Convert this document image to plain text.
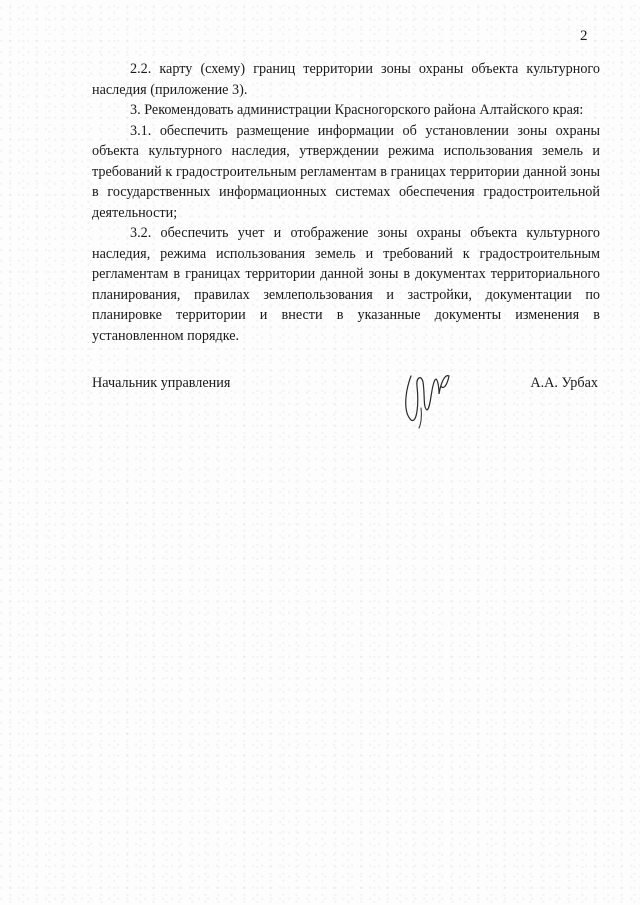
2

2.2. карту (схему) границ территории зоны охраны объекта культурного наследия (приложение 3).

3. Рекомендовать администрации Красногорского района Алтайского края:

3.1. обеспечить размещение информации об установлении зоны охраны объекта культурного наследия, утверждении режима использования земель и требований к градостроительным регламентам в границах территории данной зоны в государственных информационных системах обеспечения градостроительной деятельности;

3.2. обеспечить учет и отображение зоны охраны объекта культурного наследия, режима использования земель и требований к градостроительным регламентам в границах территории данной зоны в документах территориального планирования, правилах землепользования и застройки, документации по планировке территории и внести в указанные документы изменения в установленном порядке.

Начальник управления	А.А. Урбах
